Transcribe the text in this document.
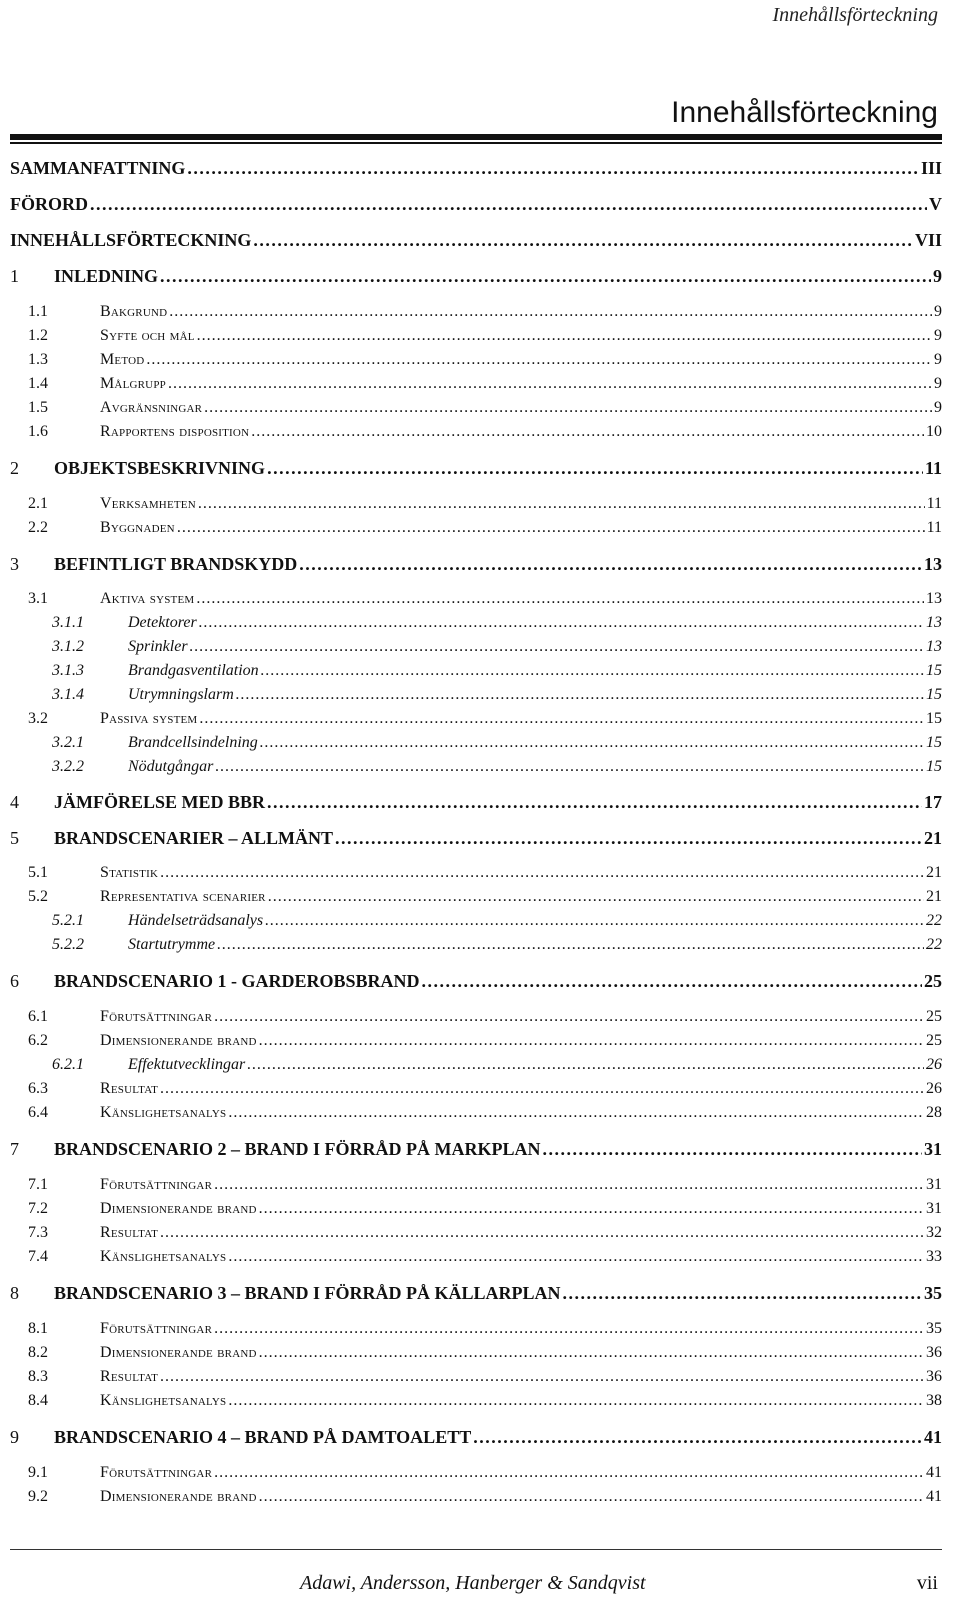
Innehållsförteckning
Innehållsförteckning
SAMMANFATTNING . . .	III
FÖRORD . . .	V
INNEHÅLLSFÖRTECKNING . . .	VII
1	INLEDNING . . .	9
1.1	Bakgrund . . .	9
1.2	Syfte och mål . . .	9
1.3	Metod . . .	9
1.4	Målgrupp . . .	9
1.5	Avgränsningar . . .	9
1.6	Rapportens disposition . . .	10
2	OBJEKTSBESKRIVNING . . .	11
2.1	Verksamheten . . .	11
2.2	Byggnaden . . .	11
3	BEFINTLIGT BRANDSKYDD . . .	13
3.1	Aktiva system . . .	13
3.1.1	Detektorer . . .	13
3.1.2	Sprinkler . . .	13
3.1.3	Brandgasventilation . . .	15
3.1.4	Utrymningslarm . . .	15
3.2	Passiva system . . .	15
3.2.1	Brandcellsindelning . . .	15
3.2.2	Nödutgångar . . .	15
4	JÄMFÖRELSE MED BBR . . .	17
5	BRANDSCENARIER – ALLMÄNT . . .	21
5.1	Statistik . . .	21
5.2	Representativa scenarier . . .	21
5.2.1	Händelseträdsanalys . . .	22
5.2.2	Startutrymme . . .	22
6	BRANDSCENARIO 1 - GARDEROBSBRAND . . .	25
6.1	Förutsättningar . . .	25
6.2	Dimensionerande brand . . .	25
6.2.1	Effektutvecklingar . . .	26
6.3	Resultat . . .	26
6.4	Känslighetsanalys . . .	28
7	BRANDSCENARIO 2 – BRAND I FÖRRÅD PÅ MARKPLAN . . .	31
7.1	Förutsättningar . . .	31
7.2	Dimensionerande brand . . .	31
7.3	Resultat . . .	32
7.4	Känslighetsanalys . . .	33
8	BRANDSCENARIO 3 – BRAND I FÖRRÅD PÅ KÄLLARPLAN . . .	35
8.1	Förutsättningar . . .	35
8.2	Dimensionerande brand . . .	36
8.3	Resultat . . .	36
8.4	Känslighetsanalys . . .	38
9	BRANDSCENARIO 4 – BRAND PÅ DAMTOALETT . . .	41
9.1	Förutsättningar . . .	41
9.2	Dimensionerande brand . . .	41
Adawi, Andersson, Hanberger & Sandqvist	vii
